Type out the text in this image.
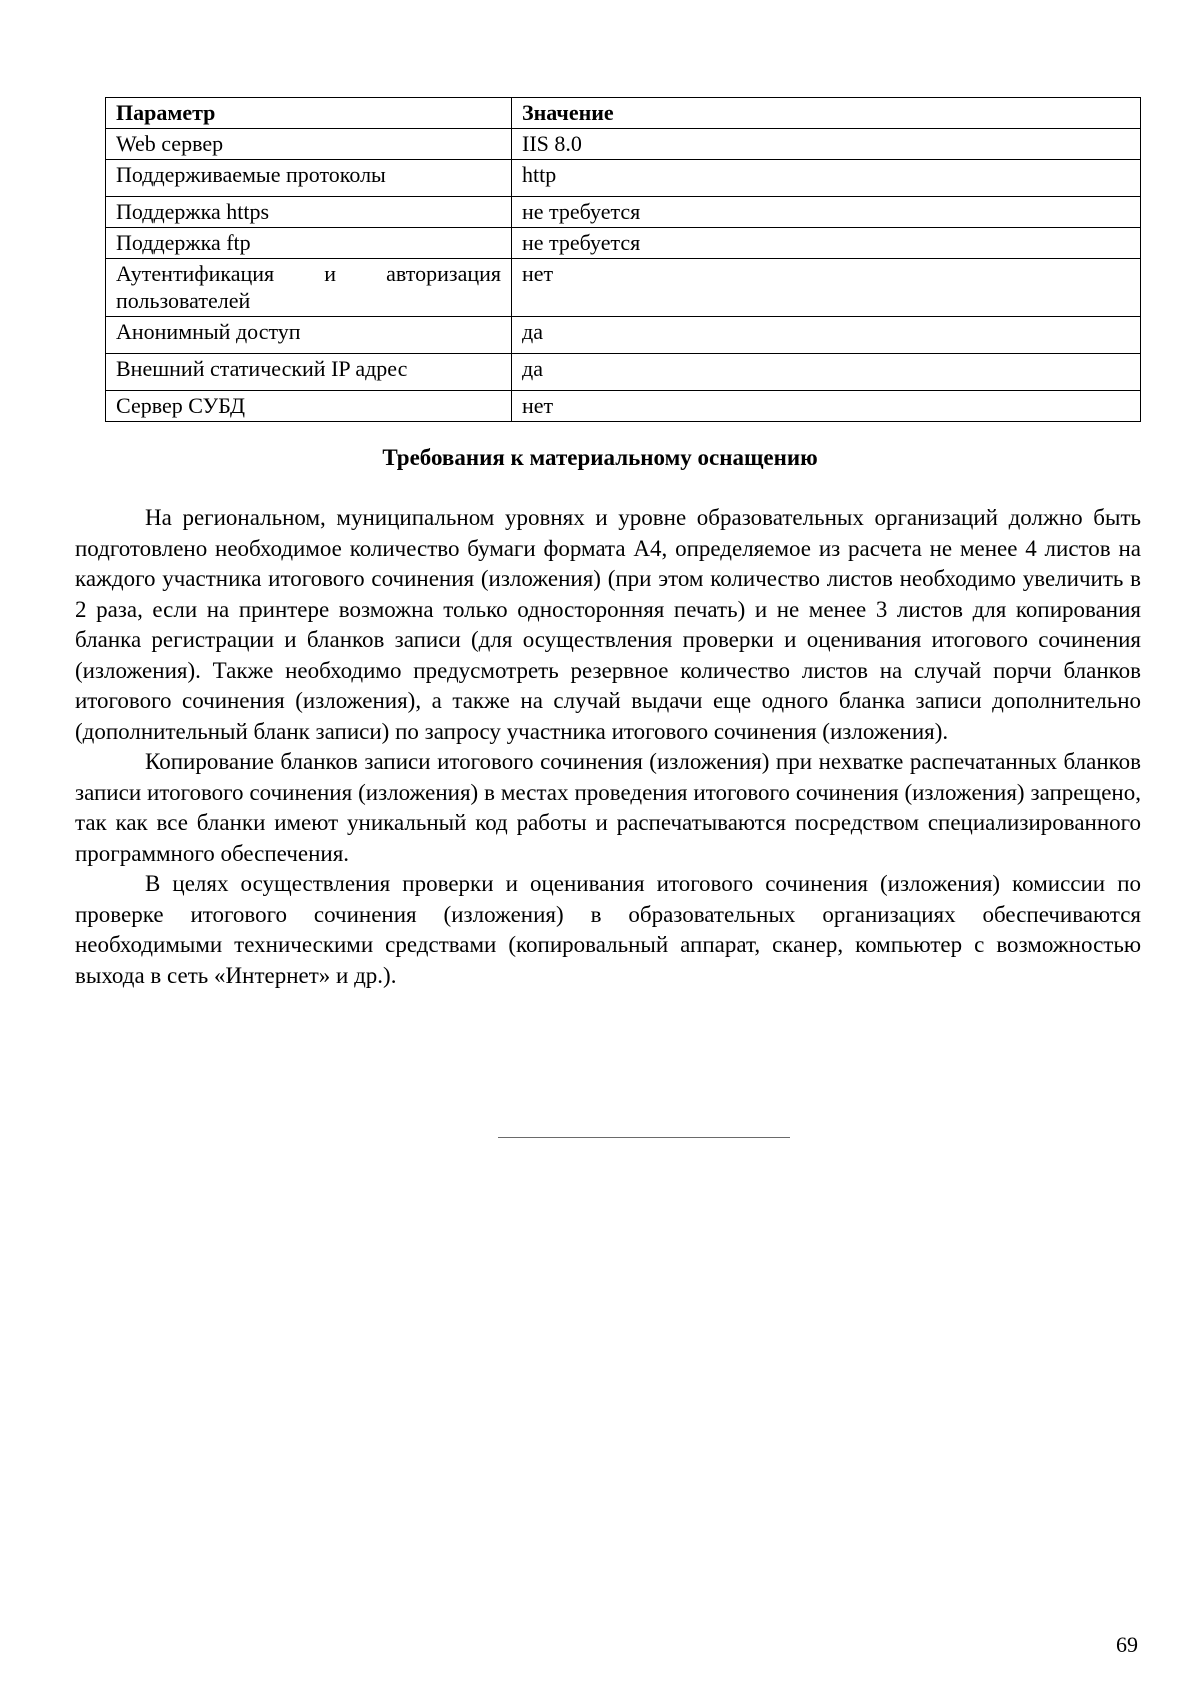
Параметр	Значение
Web сервер	IIS 8.0
Поддерживаемые протоколы	http
Поддержка https	не требуется
Поддержка ftp	не требуется
Аутентификация и авторизация пользователей	нет
Анонимный доступ	да
Внешний статический IP адрес	да
Сервер СУБД	нет
Требования к материальному оснащению

На региональном, муниципальном уровнях и уровне образовательных организаций должно быть подготовлено необходимое количество бумаги формата А4, определяемое из расчета не менее 4 листов на каждого участника итогового сочинения (изложения) (при этом количество листов необходимо увеличить в 2 раза, если на принтере возможна только односторонняя печать) и не менее 3 листов для копирования бланка регистрации и бланков записи (для осуществления проверки и оценивания итогового сочинения (изложения). Также необходимо предусмотреть резервное количество листов на случай порчи бланков итогового сочинения (изложения), а также на случай выдачи еще одного бланка записи дополнительно (дополнительный бланк записи) по запросу участника итогового сочинения (изложения).

Копирование бланков записи итогового сочинения (изложения) при нехватке распечатанных бланков записи итогового сочинения (изложения) в местах проведения итогового сочинения (изложения) запрещено, так как все бланки имеют уникальный код работы и распечатываются посредством специализированного программного обеспечения.

В целях осуществления проверки и оценивания итогового сочинения (изложения) комиссии по проверке итогового сочинения (изложения) в образовательных организациях обеспечиваются необходимыми техническими средствами (копировальный аппарат, сканер, компьютер с возможностью выхода в сеть «Интернет» и др.).

69
